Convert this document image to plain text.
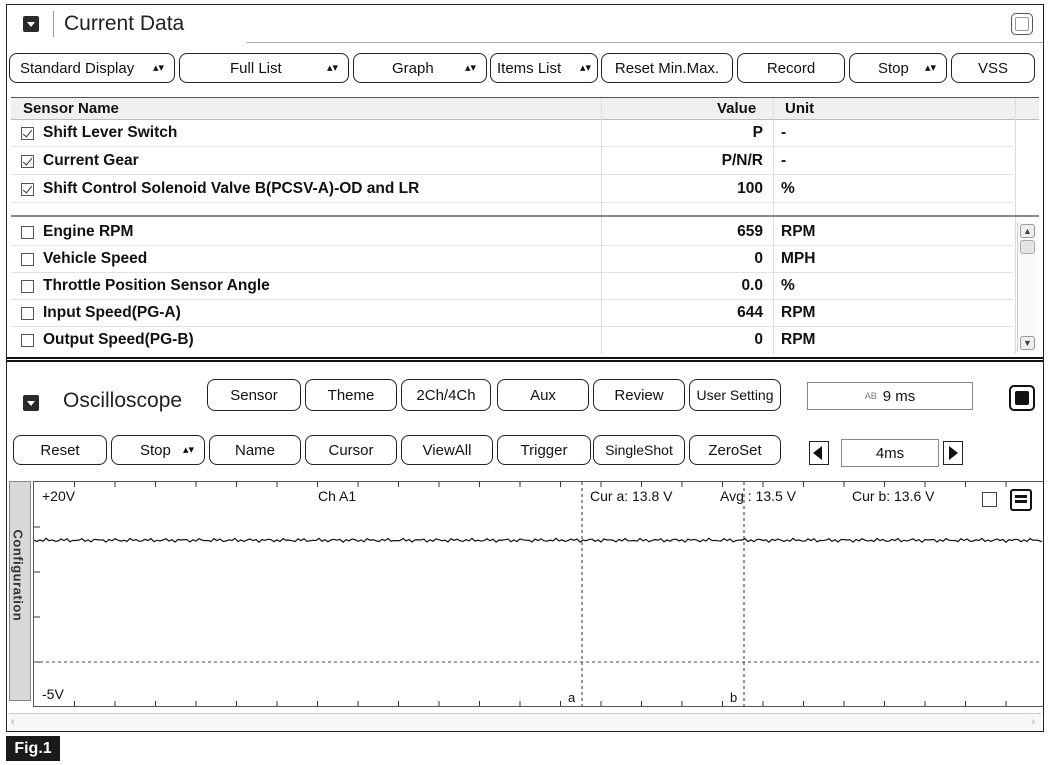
Current Data
Standard Display ▴▾	Full List	▴▾	Graph	▴▾ Items List ▴▾	Reset Min.Max.	Record	Stop ▴▾	VSS
Sensor Name	Value Unit
Shift Lever Switch	P -
Current Gear	P/N/R -
Shift Control Solenoid Valve B(PCSV-A)-OD and LR	100 %
Engine RPM	659 RPM
Vehicle Speed	0 MPH
Throttle Position Sensor Angle	0.0 %
Input Speed(PG-A)	644 RPM
Output Speed(PG-B)	0 RPM
▲
▼
Oscilloscope	Sensor	Theme	2Ch/4Ch	Aux	Review	User Setting	AB 9 ms
Reset	Stop ▴▾	Name	Cursor	ViewAll	Trigger	SingleShot	ZeroSet	4ms
Configuration
+20V	Ch A1	Cur a: 13.8 V	Avg : 13.5 V	Cur b: 13.6 V
-5V	a	b
‹	›
Fig.1
